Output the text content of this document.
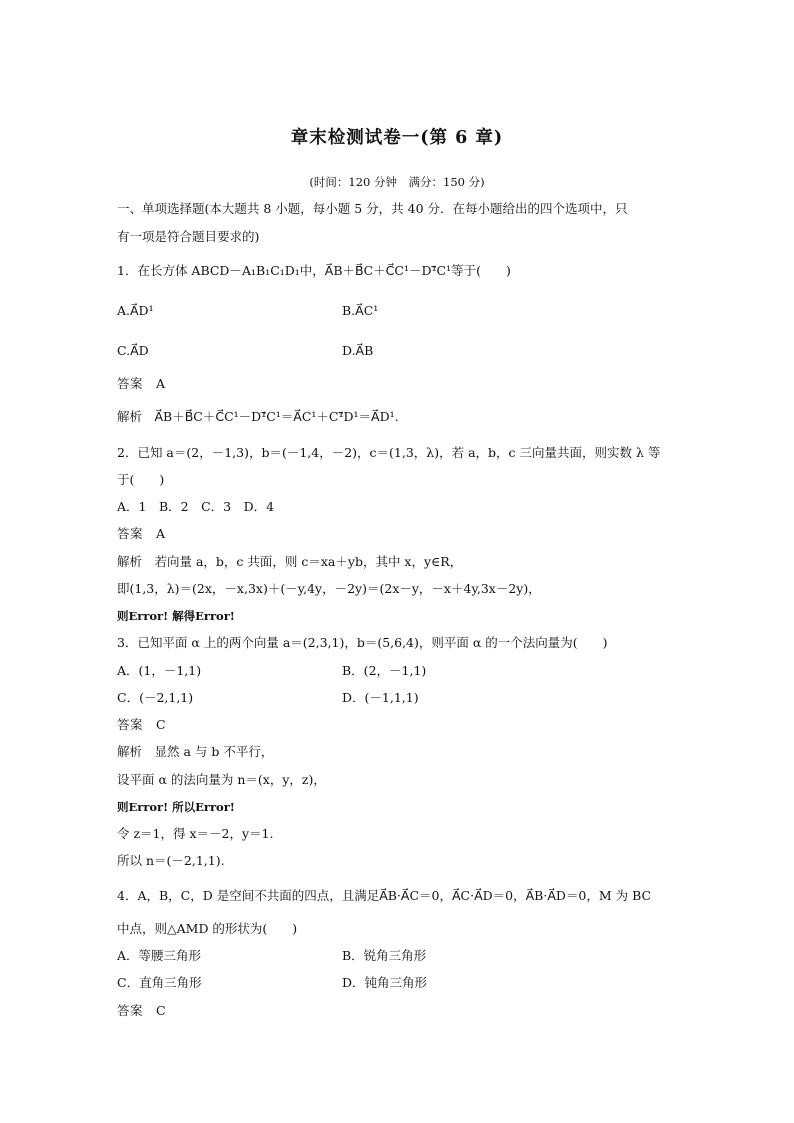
章末检测试卷一(第 6 章)
(时间：120 分钟　满分：150 分)
一、单项选择题(本大题共 8 小题，每小题 5 分，共 40 分．在每小题给出的四个选项中，只
有一项是符合题目要求的)
1．在长方体 ABCD－A₁B₁C₁D₁中，A⃗B＋B⃗C＋C⃗C¹－D¹⃗C¹等于(　　)
A.A⃗D¹	B.A⃗C¹
C.A⃗D	D.A⃗B
答案　A
解析　A⃗B＋B⃗C＋C⃗C¹－D¹⃗C¹＝A⃗C¹＋C¹⃗D¹＝A⃗D¹.
2．已知 a＝(2，－1,3)，b＝(－1,4，－2)，c＝(1,3，λ)，若 a，b，c 三向量共面，则实数 λ 等
于(　　)
A．1　B．2　C．3　D．4
答案　A
解析　若向量 a，b，c 共面，则 c＝xa＋yb，其中 x，y∈R，
即(1,3，λ)＝(2x，－x,3x)＋(－y,4y，－2y)＝(2x－y，－x＋4y,3x－2y)，
则Error! 解得Error!
3．已知平面 α 上的两个向量 a＝(2,3,1)，b＝(5,6,4)，则平面 α 的一个法向量为(　　)
A．(1，－1,1)	B．(2，－1,1)
C．(－2,1,1)	D．(－1,1,1)
答案　C
解析　显然 a 与 b 不平行，
设平面 α 的法向量为 n＝(x，y，z)，
则Error! 所以Error!
令 z＝1，得 x＝－2，y＝1.
所以 n＝(－2,1,1).
4．A，B，C，D 是空间不共面的四点，且满足A⃗B·A⃗C＝0，A⃗C·A⃗D＝0，A⃗B·A⃗D＝0，M 为 BC
中点，则△AMD 的形状为(　　)
A．等腰三角形	B．锐角三角形
C．直角三角形	D．钝角三角形
答案　C
